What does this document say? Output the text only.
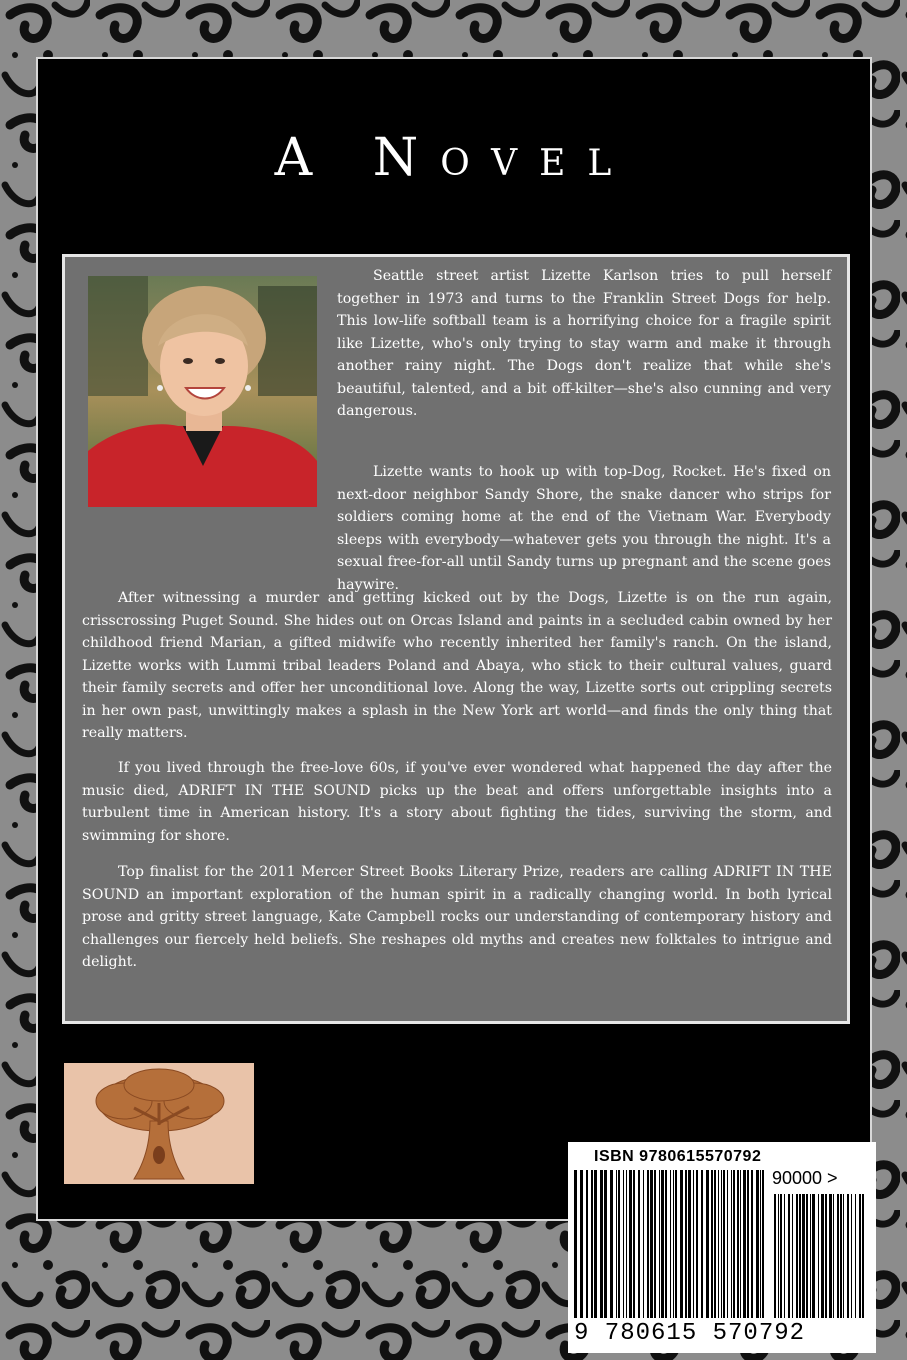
A Novel

Seattle street artist Lizette Karlson tries to pull herself together in 1973 and turns to the Franklin Street Dogs for help. This low-life softball team is a horrifying choice for a fragile spirit like Lizette, who's only trying to stay warm and make it through another rainy night. The Dogs don't realize that while she's beautiful, talented, and a bit off-kilter—she's also cunning and very dangerous.

Lizette wants to hook up with top-Dog, Rocket. He's fixed on next-door neighbor Sandy Shore, the snake dancer who strips for soldiers coming home at the end of the Vietnam War. Everybody sleeps with everybody—whatever gets you through the night. It's a sexual free-for-all until Sandy turns up pregnant and the scene goes haywire.

After witnessing a murder and getting kicked out by the Dogs, Lizette is on the run again, crisscrossing Puget Sound. She hides out on Orcas Island and paints in a secluded cabin owned by her childhood friend Marian, a gifted midwife who recently inherited her family's ranch. On the island, Lizette works with Lummi tribal leaders Poland and Abaya, who stick to their cultural values, guard their family secrets and offer her unconditional love. Along the way, Lizette sorts out crippling secrets in her own past, unwittingly makes a splash in the New York art world—and finds the only thing that really matters.

If you lived through the free-love 60s, if you've ever wondered what happened the day after the music died, ADRIFT IN THE SOUND picks up the beat and offers unforgettable insights into a turbulent time in American history. It's a story about fighting the tides, surviving the storm, and swimming for shore.

Top finalist for the 2011 Mercer Street Books Literary Prize, readers are calling ADRIFT IN THE SOUND an important exploration of the human spirit in a radically changing world. In both lyrical prose and gritty street language, Kate Campbell rocks our understanding of contemporary history and challenges our fiercely held beliefs. She reshapes old myths and creates new folktales to intrigue and delight.

ISBN 9780615570792
90000 >
9 780615 570792
